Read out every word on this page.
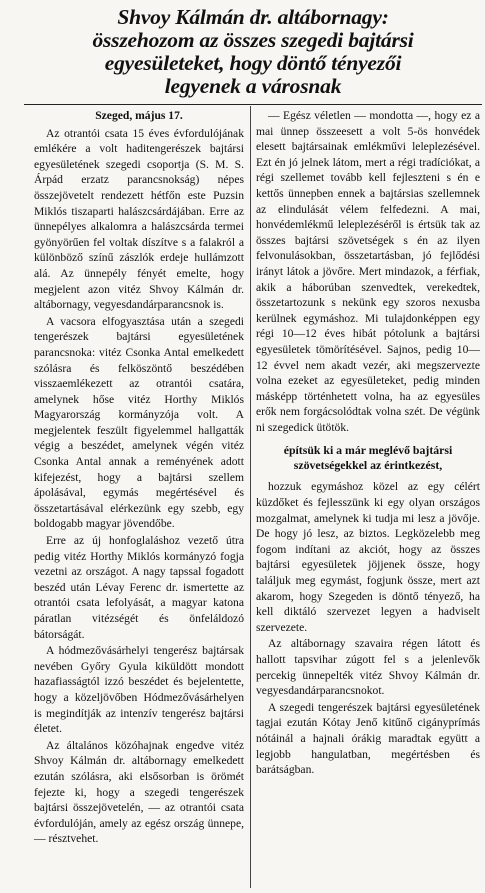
Shvoy Kálmán dr. altábornagy:
összehozom az összes szegedi bajtársi
egyesületeket, hogy döntő tényezői
legyenek a városnak

Szeged, május 17.

Az otrantói csata 15 éves évfordulójának emlékére a volt haditengerészek bajtársi egyesületének szegedi csoportja (S. M. S. Árpád erzatz parancsnokság) népes összejövetelt rendezett hétfőn este Puzsin Miklós tiszaparti halászcsárdájában. Erre az ünnepélyes alkalomra a halászcsárda termei gyönyörűen fel voltak díszítve s a falakról a különböző színű zászlók erdeje hullámzott alá. Az ünnepély fényét emelte, hogy megjelent azon vitéz Shvoy Kálmán dr. altábornagy, vegyesdandárparancsnok is.

A vacsora elfogyasztása után a szegedi tengerészek bajtársi egyesületének parancsnoka: vitéz Csonka Antal emelkedett szólásra és felköszöntő beszédében visszaemlékezett az otrantói csatára, amelynek hőse vitéz Horthy Miklós Magyarország kormányzója volt. A megjelentek feszült figyelemmel hallgatták végig a beszédet, amelynek végén vitéz Csonka Antal annak a reményének adott kifejezést, hogy a bajtársi szellem ápolásával, egymás megértésével és összetartásával elérkezünk egy szebb, egy boldogabb magyar jövendőbe.

Erre az új honfoglaláshoz vezető útra pedig vitéz Horthy Miklós kormányzó fogja vezetni az országot. A nagy tapssal fogadott beszéd után Lévay Ferenc dr. ismertette az otrantói csata lefolyását, a magyar katona páratlan vitézségét és önfeláldozó bátorságát.

A hódmezővásárhelyi tengerész bajtársak nevében Győry Gyula kiküldött mondott hazafiasságtól izzó beszédet és bejelentette, hogy a közeljövőben Hódmezővásárhelyen is megindítják az intenzív tengerész bajtársi életet.

Az általános közóhajnak engedve vitéz Shvoy Kálmán dr. altábornagy emelkedett ezután szólásra, aki elsősorban is örömét fejezte ki, hogy a szegedi tengerészek bajtársi összejövetelén, — az otrantói csata évfordulóján, amely az egész ország ünnepe, — résztvehet.

— Egész véletlen — mondotta —, hogy ez a mai ünnep összeesett a volt 5-ös honvédek elesett bajtársainak emlékművi leleplezésével. Ezt én jó jelnek látom, mert a régi tradíciókat, a régi szellemet tovább kell fejleszteni s én e kettős ünnepben ennek a bajtársias szellemnek az elindulását vélem felfedezni. A mai, honvédemlékmű leleplezéséről is értsük tak az összes bajtársi szövetségek s én az ilyen felvonulásokban, összetartásban, jó fejlődési irányt látok a jövőre. Mert mindazok, a férfiak, akik a háborúban szenvedtek, verekedtek, összetartozunk s nekünk egy szoros nexusba kerülnek egymáshoz. Mi tulajdonképpen egy régi 10—12 éves hibát pótolunk a bajtársi egyesületek tömörítésével. Sajnos, pedig 10—12 évvel nem akadt vezér, aki megszervezte volna ezeket az egyesületeket, pedig minden másképp történhetett volna, ha az egyesüles erők nem forgácsolódtak volna szét. De végünk ni szegedick ütötök.

építsük ki a már meglévő bajtársi szövetségekkel az érintkezést,

hozzuk egymáshoz közel az egy célért küzdőket és fejlesszünk ki egy olyan országos mozgalmat, amelynek ki tudja mi lesz a jövője. De hogy jó lesz, az biztos. Legközelebb meg fogom indítani az akciót, hogy az összes bajtársi egyesületek jöjjenek össze, hogy találjuk meg egymást, fogjunk össze, mert azt akarom, hogy Szegeden is döntő tényező, ha kell diktáló szervezet legyen a hadviselt szervezete.

Az altábornagy szavaira régen látott és hallott tapsvihar zúgott fel s a jelenlevők percekig ünnepelték vitéz Shvoy Kálmán dr. vegyesdandárparancsnokot.

A szegedi tengerészek bajtársi egyesületének tagjai ezután Kótay Jenő kitűnő cigányprímás nótáinál a hajnali órákig maradtak együtt a legjobb hangulatban, megértésben és barátságban.
